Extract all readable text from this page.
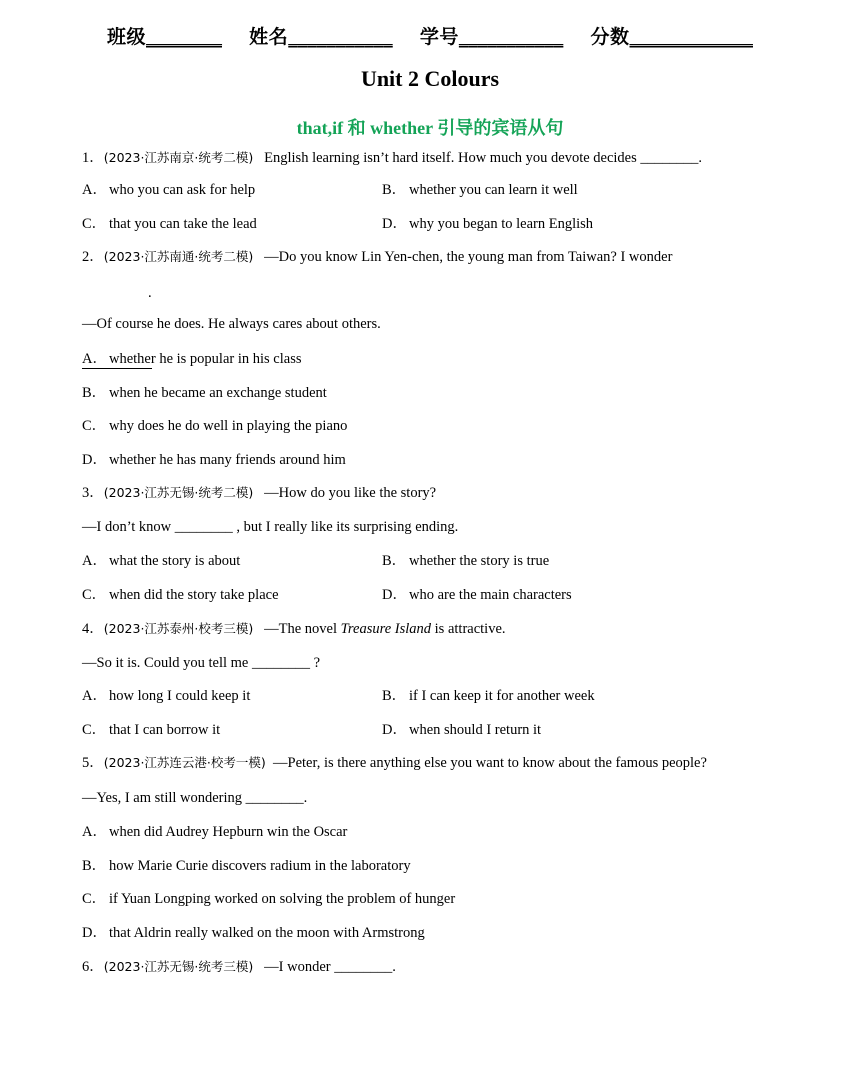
班级________ 姓名___________ 学号___________ 分数_____________
Unit 2 Colours
that,if 和 whether 引导的宾语从句
1．(2023·江苏南京·统考二模) English learning isn’t hard itself. How much you devote decides ________.
A． who you can ask for help	B． whether you can learn it well
C． that you can take the lead	D． why you began to learn English
2．(2023·江苏南通·统考二模) —Do you know Lin Yen-chen, the young man from Taiwan? I wonder
.
—Of course he does. He always cares about others.
A． whether he is popular in his class
B． when he became an exchange student
C． why does he do well in playing the piano
D． whether he has many friends around him
3．(2023·江苏无锡·统考二模) —How do you like the story?
—I don’t know ________ , but I really like its surprising ending.
A． what the story is about	B． whether the story is true
C． when did the story take place	D． who are the main characters
4．(2023·江苏泰州·校考三模) —The novel Treasure Island is attractive.
—So it is. Could you tell me ________ ?
A． how long I could keep it	B． if I can keep it for another week
C． that I can borrow it	D． when should I return it
5．(2023·江苏连云港·校考一模) —Peter, is there anything else you want to know about the famous people?
—Yes, I am still wondering ________.
A． when did Audrey Hepburn win the Oscar
B． how Marie Curie discovers radium in the laboratory
C． if Yuan Longping worked on solving the problem of hunger
D． that Aldrin really walked on the moon with Armstrong
6．(2023·江苏无锡·统考三模) —I wonder ________.
